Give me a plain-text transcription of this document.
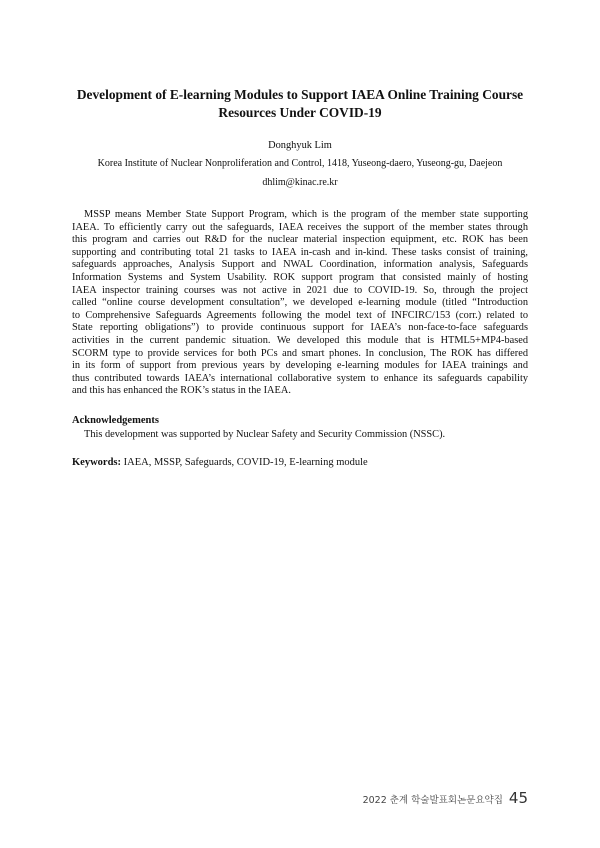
Development of E-learning Modules to Support IAEA Online Training Course Resources Under COVID-19
Donghyuk Lim
Korea Institute of Nuclear Nonproliferation and Control, 1418, Yuseong-daero, Yuseong-gu, Daejeon
dhlim@kinac.re.kr
MSSP means Member State Support Program, which is the program of the member state supporting
IAEA. To efficiently carry out the safeguards, IAEA receives the support of the member states through
this program and carries out R&D for the nuclear material inspection equipment, etc. ROK has been
supporting and contributing total 21 tasks to IAEA in-cash and in-kind. These tasks consist of training,
safeguards approaches, Analysis Support and NWAL Coordination, information analysis, Safeguards
Information Systems and System Usability. ROK support program that consisted mainly of hosting
IAEA inspector training courses was not active in 2021 due to COVID-19. So, through the project
called “online course development consultation”, we developed e-learning module (titled “Introduction
to Comprehensive Safeguards Agreements following the model text of INFCIRC/153 (corr.) related to
State reporting obligations”) to provide continuous support for IAEA’s non-face-to-face safeguards
activities in the current pandemic situation. We developed this module that is HTML5+MP4-based
SCORM type to provide services for both PCs and smart phones. In conclusion, The ROK has differed
in its form of support from previous years by developing e-learning modules for IAEA trainings and
thus contributed towards IAEA’s international collaborative system to enhance its safeguards capability
and this has enhanced the ROK’s status in the IAEA.
Acknowledgements
This development was supported by Nuclear Safety and Security Commission (NSSC).
Keywords: IAEA, MSSP, Safeguards, COVID-19, E-learning module
2022 춘계 학술발표회논문요약집 45
